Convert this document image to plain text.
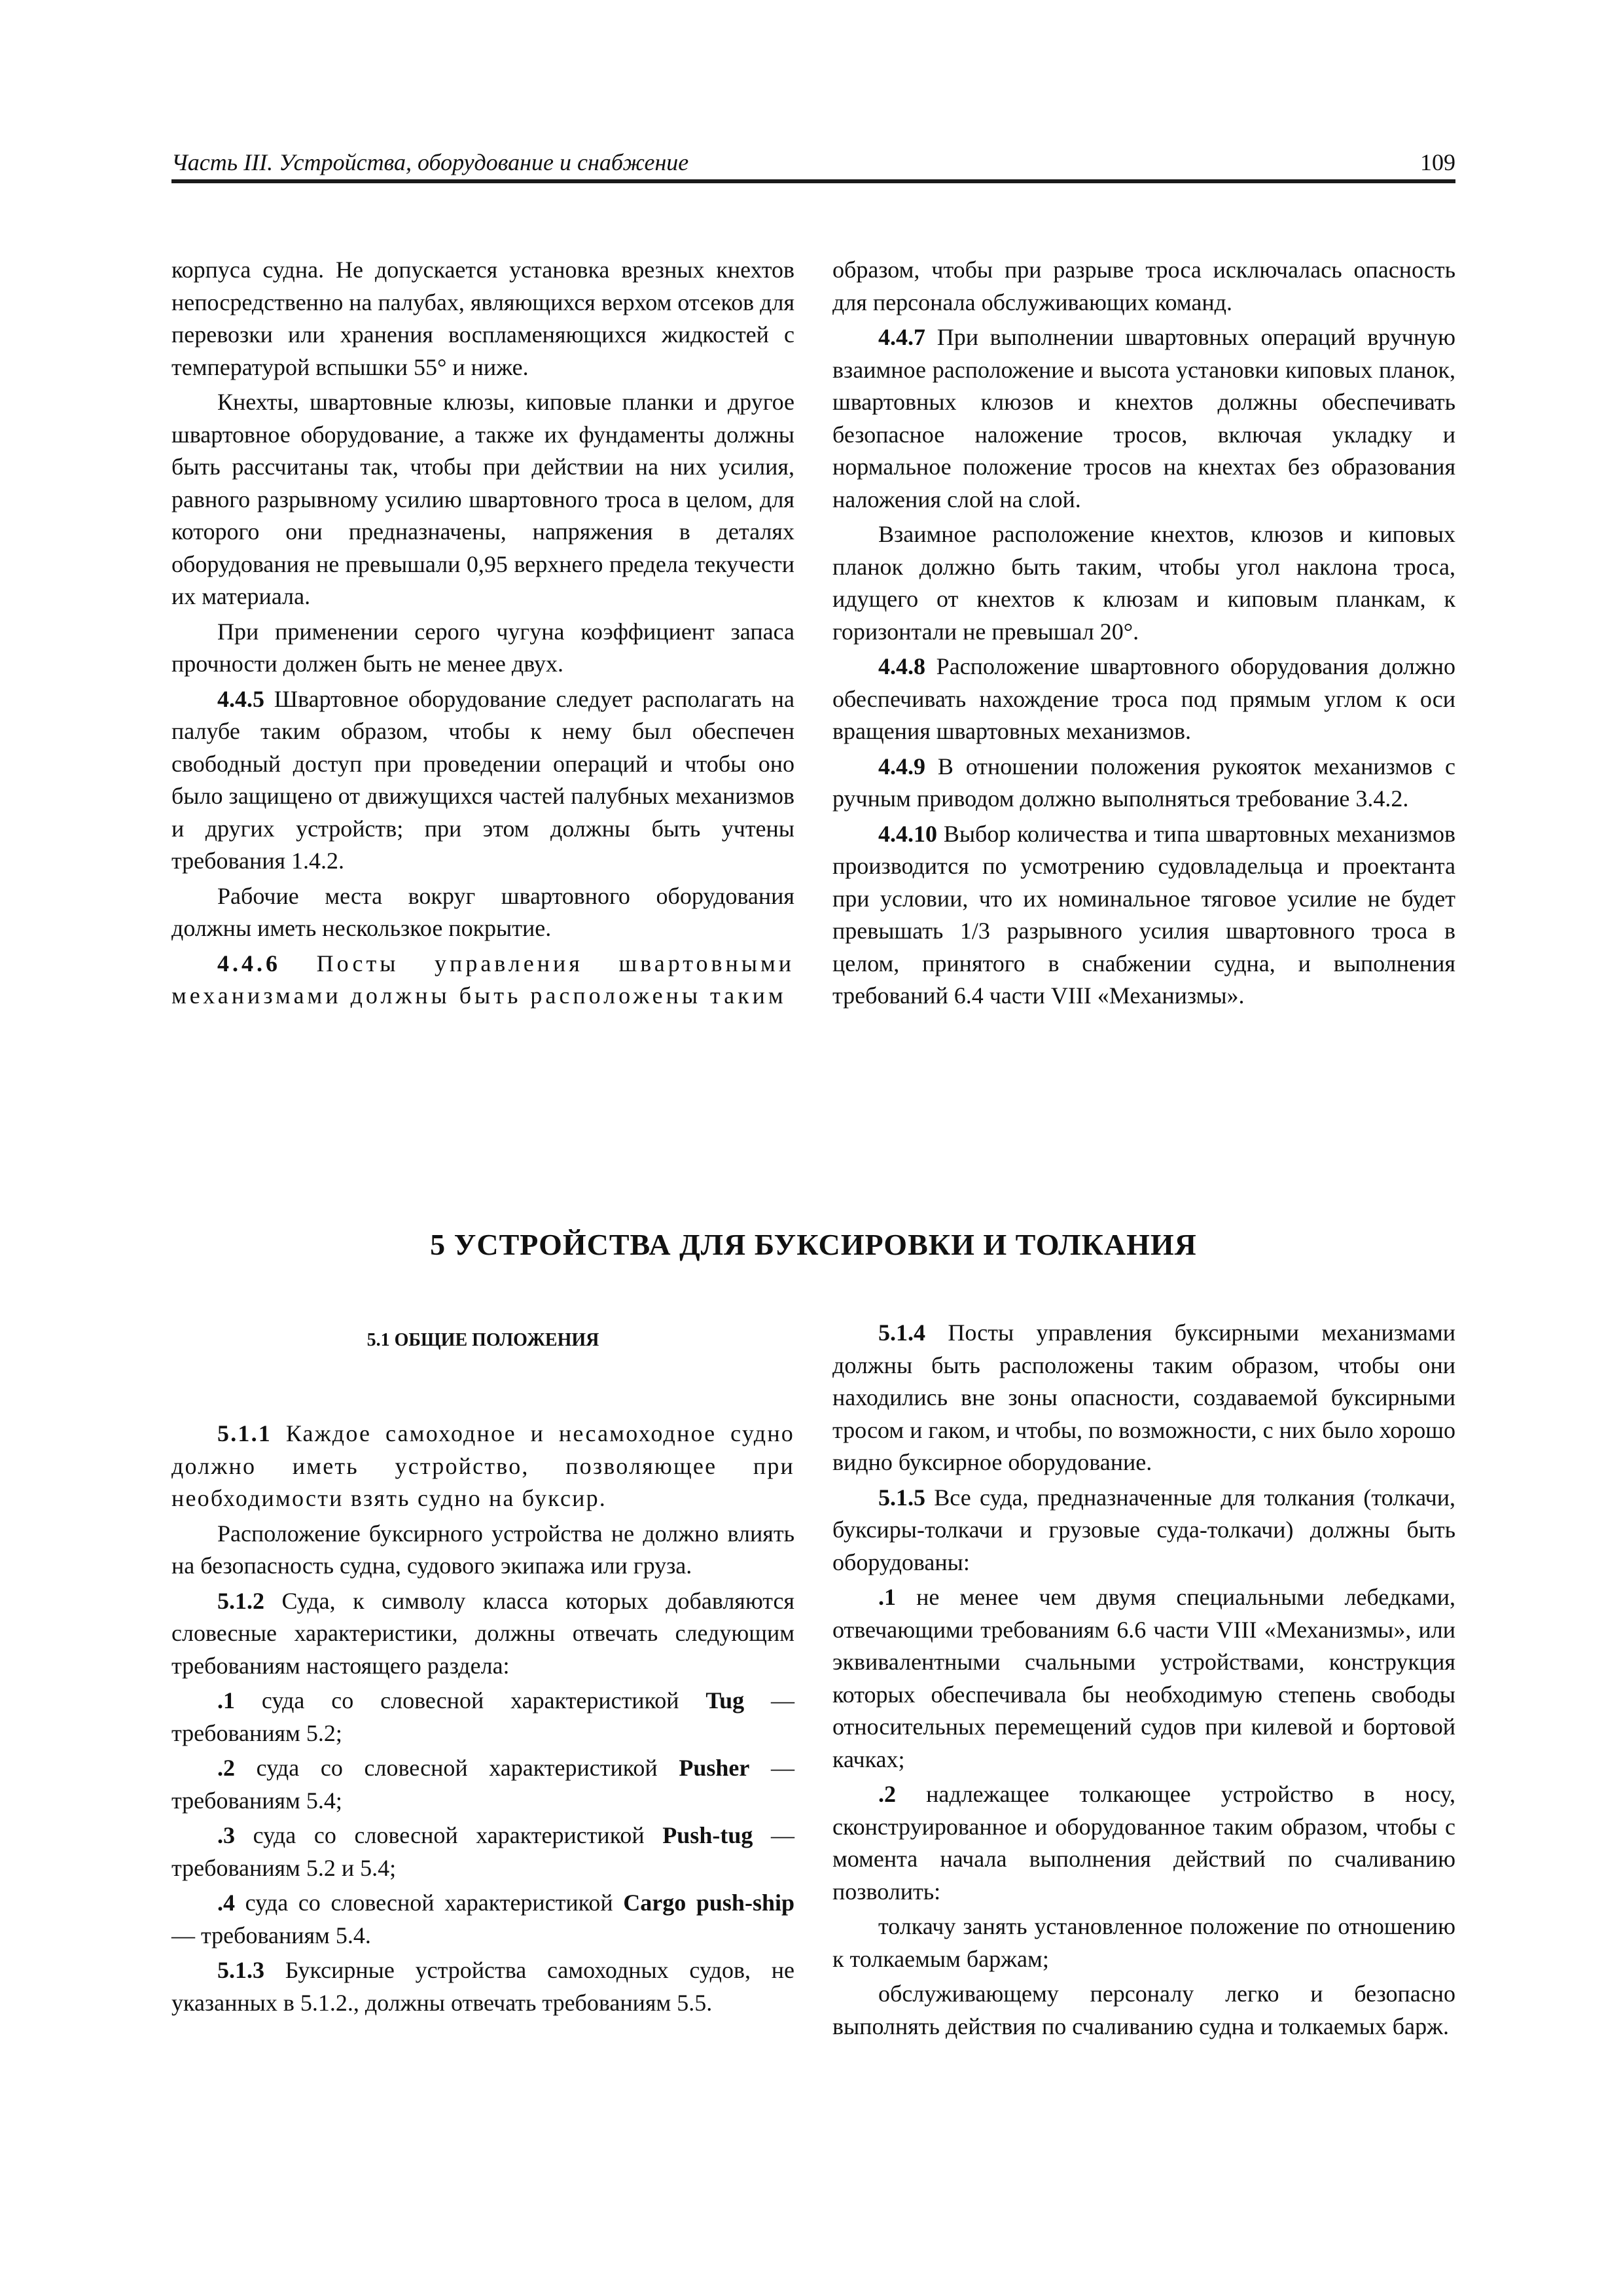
Часть III. Устройства, оборудование и снабжение	109

корпуса судна. Не допускается установка врезных кнехтов непосредственно на палубах, являющихся верхом отсеков для перевозки или хранения воспламеняющихся жидкостей с температурой вспышки 55° и ниже.

Кнехты, швартовные клюзы, киповые планки и другое швартовное оборудование, а также их фундаменты должны быть рассчитаны так, чтобы при действии на них усилия, равного разрывному усилию швартовного троса в целом, для которого они предназначены, напряжения в деталях оборудования не превышали 0,95 верхнего предела текучести их материала.

При применении серого чугуна коэффициент запаса прочности должен быть не менее двух.

4.4.5 Швартовное оборудование следует располагать на палубе таким образом, чтобы к нему был обеспечен свободный доступ при проведении операций и чтобы оно было защищено от движущихся частей палубных механизмов и других устройств; при этом должны быть учтены требования 1.4.2.

Рабочие места вокруг швартовного оборудования должны иметь нескользкое покрытие.

4.4.6 Посты управления швартовными механизмами должны быть расположены таким

образом, чтобы при разрыве троса исключалась опасность для персонала обслуживающих команд.

4.4.7 При выполнении швартовных операций вручную взаимное расположение и высота установки киповых планок, швартовных клюзов и кнехтов должны обеспечивать безопасное наложение тросов, включая укладку и нормальное положение тросов на кнехтах без образования наложения слой на слой.

Взаимное расположение кнехтов, клюзов и киповых планок должно быть таким, чтобы угол наклона троса, идущего от кнехтов к клюзам и киповым планкам, к горизонтали не превышал 20°.

4.4.8 Расположение швартовного оборудования должно обеспечивать нахождение троса под прямым углом к оси вращения швартовных механизмов.

4.4.9 В отношении положения рукояток механизмов с ручным приводом должно выполняться требование 3.4.2.

4.4.10 Выбор количества и типа швартовных механизмов производится по усмотрению судовладельца и проектанта при условии, что их номинальное тяговое усилие не будет превышать 1/3 разрывного усилия швартовного троса в целом, принятого в снабжении судна, и выполнения требований 6.4 части VIII «Механизмы».

5 УСТРОЙСТВА ДЛЯ БУКСИРОВКИ И ТОЛКАНИЯ
5.1 ОБЩИЕ ПОЛОЖЕНИЯ

5.1.1 Каждое самоходное и несамоходное судно должно иметь устройство, позволяющее при необходимости взять судно на буксир.

Расположение буксирного устройства не должно влиять на безопасность судна, судового экипажа или груза.

5.1.2 Суда, к символу класса которых добавляются словесные характеристики, должны отвечать следующим требованиям настоящего раздела:

.1 суда со словесной характеристикой Tug — требованиям 5.2;

.2 суда со словесной характеристикой Pusher — требованиям 5.4;

.3 суда со словесной характеристикой Push-tug — требованиям 5.2 и 5.4;

.4 суда со словесной характеристикой Cargo push-ship — требованиям 5.4.

5.1.3 Буксирные устройства самоходных судов, не указанных в 5.1.2., должны отвечать требованиям 5.5.

5.1.4 Посты управления буксирными механизмами должны быть расположены таким образом, чтобы они находились вне зоны опасности, создаваемой буксирными тросом и гаком, и чтобы, по возможности, с них было хорошо видно буксирное оборудование.

5.1.5 Все суда, предназначенные для толкания (толкачи, буксиры-толкачи и грузовые суда-толкачи) должны быть оборудованы:

.1 не менее чем двумя специальными лебедками, отвечающими требованиям 6.6 части VIII «Механизмы», или эквивалентными счальными устройствами, конструкция которых обеспечивала бы необходимую степень свободы относительных перемещений судов при килевой и бортовой качках;

.2 надлежащее толкающее устройство в носу, сконструированное и оборудованное таким образом, чтобы с момента начала выполнения действий по счаливанию позволить:

толкачу занять установленное положение по отношению к толкаемым баржам;

обслуживающему персоналу легко и безопасно выполнять действия по счаливанию судна и толкаемых барж.
